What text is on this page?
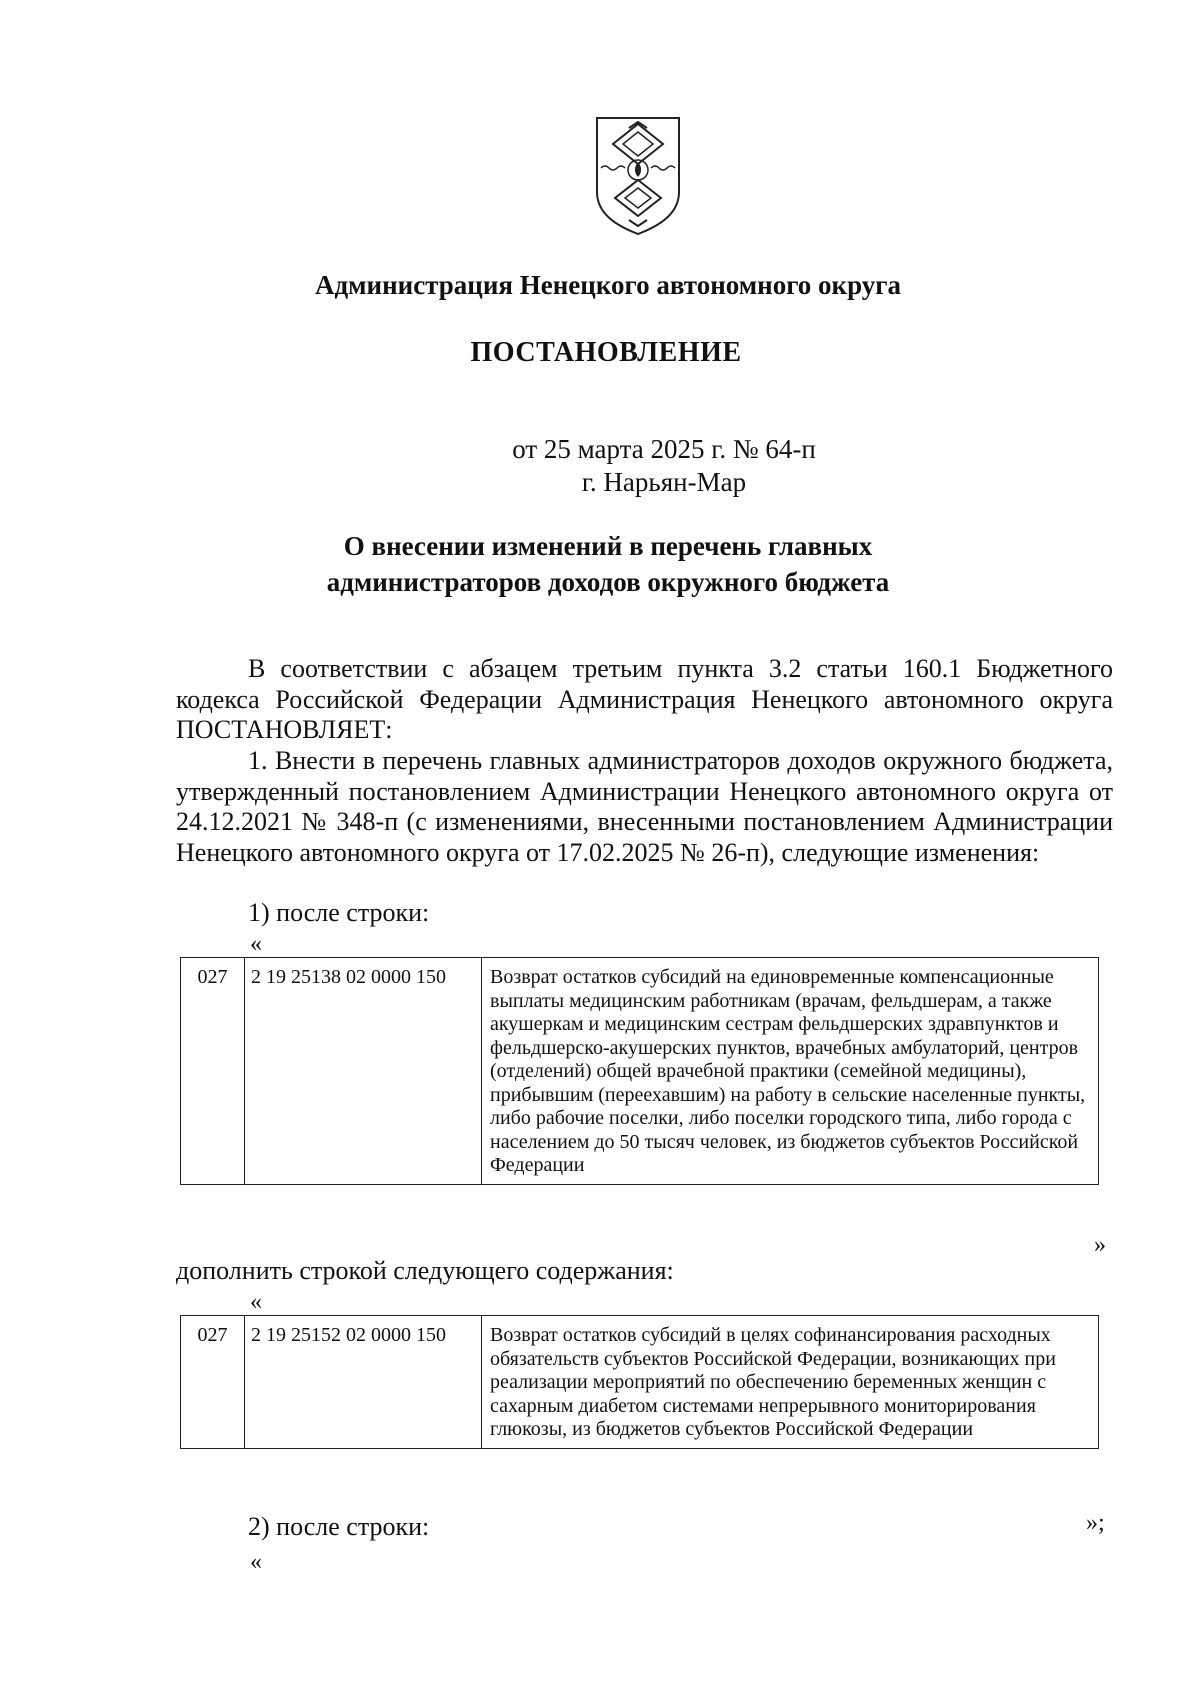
Администрация Ненецкого автономного округа
ПОСТАНОВЛЕНИЕ
от 25 марта 2025 г. № 64-п
г. Нарьян-Мар
О внесении изменений в перечень главных
администраторов доходов окружного бюджета
В соответствии с абзацем третьим пункта 3.2 статьи 160.1 Бюджетного кодекса Российской Федерации Администрация Ненецкого автономного округа ПОСТАНОВЛЯЕТ:
1. Внести в перечень главных администраторов доходов окружного бюджета, утвержденный постановлением Администрации Ненецкого автономного округа от 24.12.2021 № 348-п (с изменениями, внесенными постановлением Администрации Ненецкого автономного округа от 17.02.2025 № 26-п), следующие изменения:
1) после строки:
«
027	2 19 25138 02 0000 150	Возврат остатков субсидий на единовременные компенсационные выплаты медицинским работникам (врачам, фельдшерам, а также акушеркам и медицинским сестрам фельдшерских здравпунктов и фельдшерско-акушерских пунктов, врачебных амбулаторий, центров (отделений) общей врачебной практики (семейной медицины), прибывшим (переехавшим) на работу в сельские населенные пункты, либо рабочие поселки, либо поселки городского типа, либо города с населением до 50 тысяч человек, из бюджетов субъектов Российской Федерации
»
дополнить строкой следующего содержания:
«
027	2 19 25152 02 0000 150	Возврат остатков субсидий в целях софинансирования расходных обязательств субъектов Российской Федерации, возникающих при реализации мероприятий по обеспечению беременных женщин с сахарным диабетом системами непрерывного мониторирования глюкозы, из бюджетов субъектов Российской Федерации
»;
2) после строки:
«
